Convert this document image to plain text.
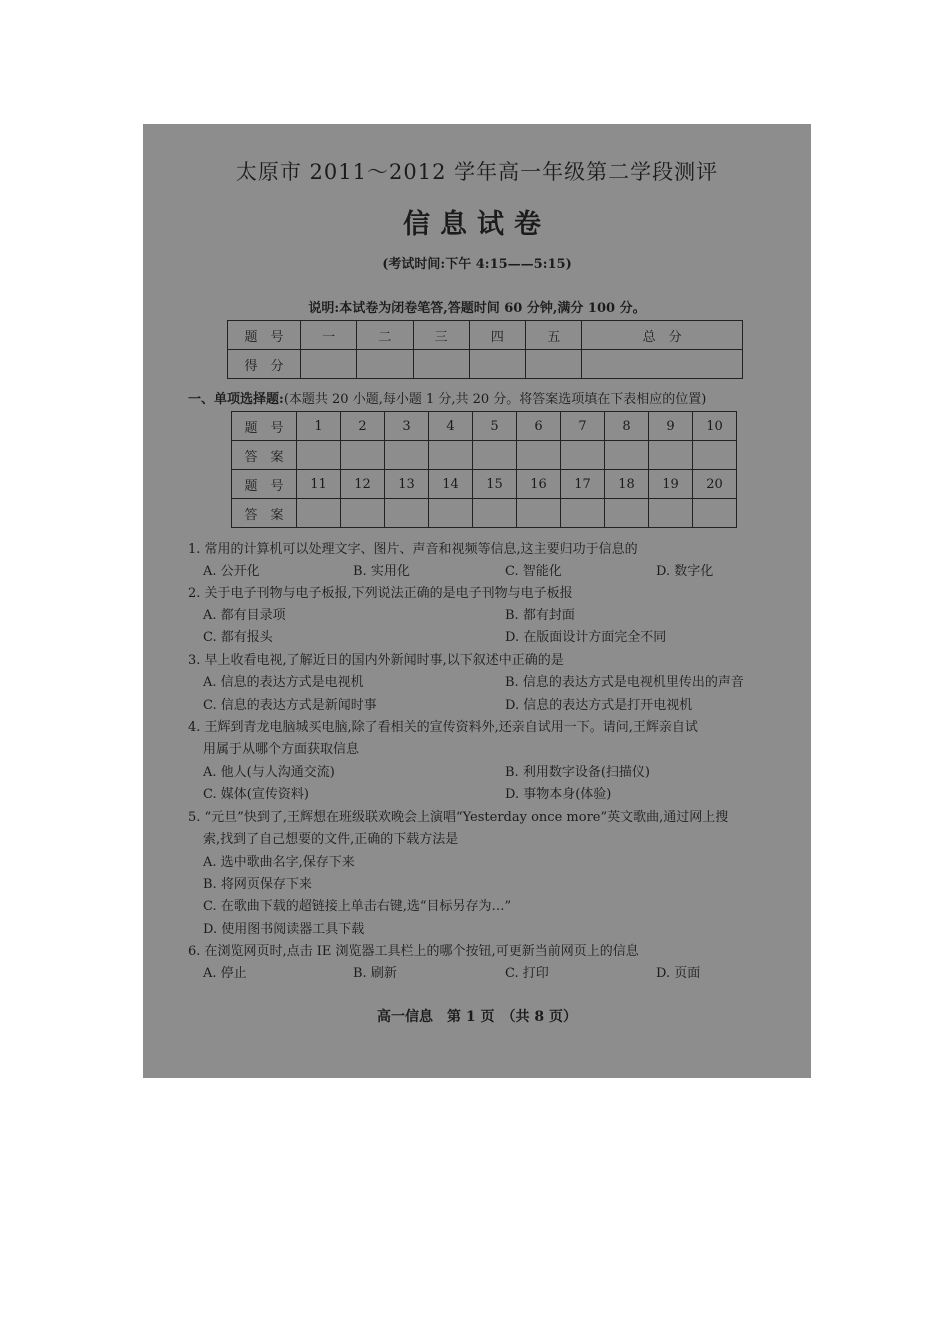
太原市 2011～2012 学年高一年级第二学段测评
信息试卷
(考试时间:下午 4:15——5:15)
说明:本试卷为闭卷笔答,答题时间 60 分钟,满分 100 分。
题　号	一	二	三	四	五	总　分
得　分						
一、单项选择题:(本题共 20 小题,每小题 1 分,共 20 分。将答案选项填在下表相应的位置)
题　号	1	2	3	4	5	6	7	8	9	10
答　案										
题　号	11	12	13	14	15	16	17	18	19	20
答　案										
1. 常用的计算机可以处理文字、图片、声音和视频等信息,这主要归功于信息的
A. 公开化	B. 实用化	C. 智能化	D. 数字化
2. 关于电子刊物与电子板报,下列说法正确的是电子刊物与电子板报
A. 都有目录项	B. 都有封面
C. 都有报头	D. 在版面设计方面完全不同
3. 早上收看电视,了解近日的国内外新闻时事,以下叙述中正确的是
A. 信息的表达方式是电视机	B. 信息的表达方式是电视机里传出的声音
C. 信息的表达方式是新闻时事	D. 信息的表达方式是打开电视机
4. 王辉到青龙电脑城买电脑,除了看相关的宣传资料外,还亲自试用一下。请问,王辉亲自试
用属于从哪个方面获取信息
A. 他人(与人沟通交流)	B. 利用数字设备(扫描仪)
C. 媒体(宣传资料)	D. 事物本身(体验)
5. “元旦”快到了,王辉想在班级联欢晚会上演唱“Yesterday once more”英文歌曲,通过网上搜
索,找到了自己想要的文件,正确的下载方法是
A. 选中歌曲名字,保存下来
B. 将网页保存下来
C. 在歌曲下载的超链接上单击右键,选“目标另存为…”
D. 使用图书阅读器工具下载
6. 在浏览网页时,点击 IE 浏览器工具栏上的哪个按钮,可更新当前网页上的信息
A. 停止	B. 刷新	C. 打印	D. 页面
高一信息　第 1 页　（共 8 页）
